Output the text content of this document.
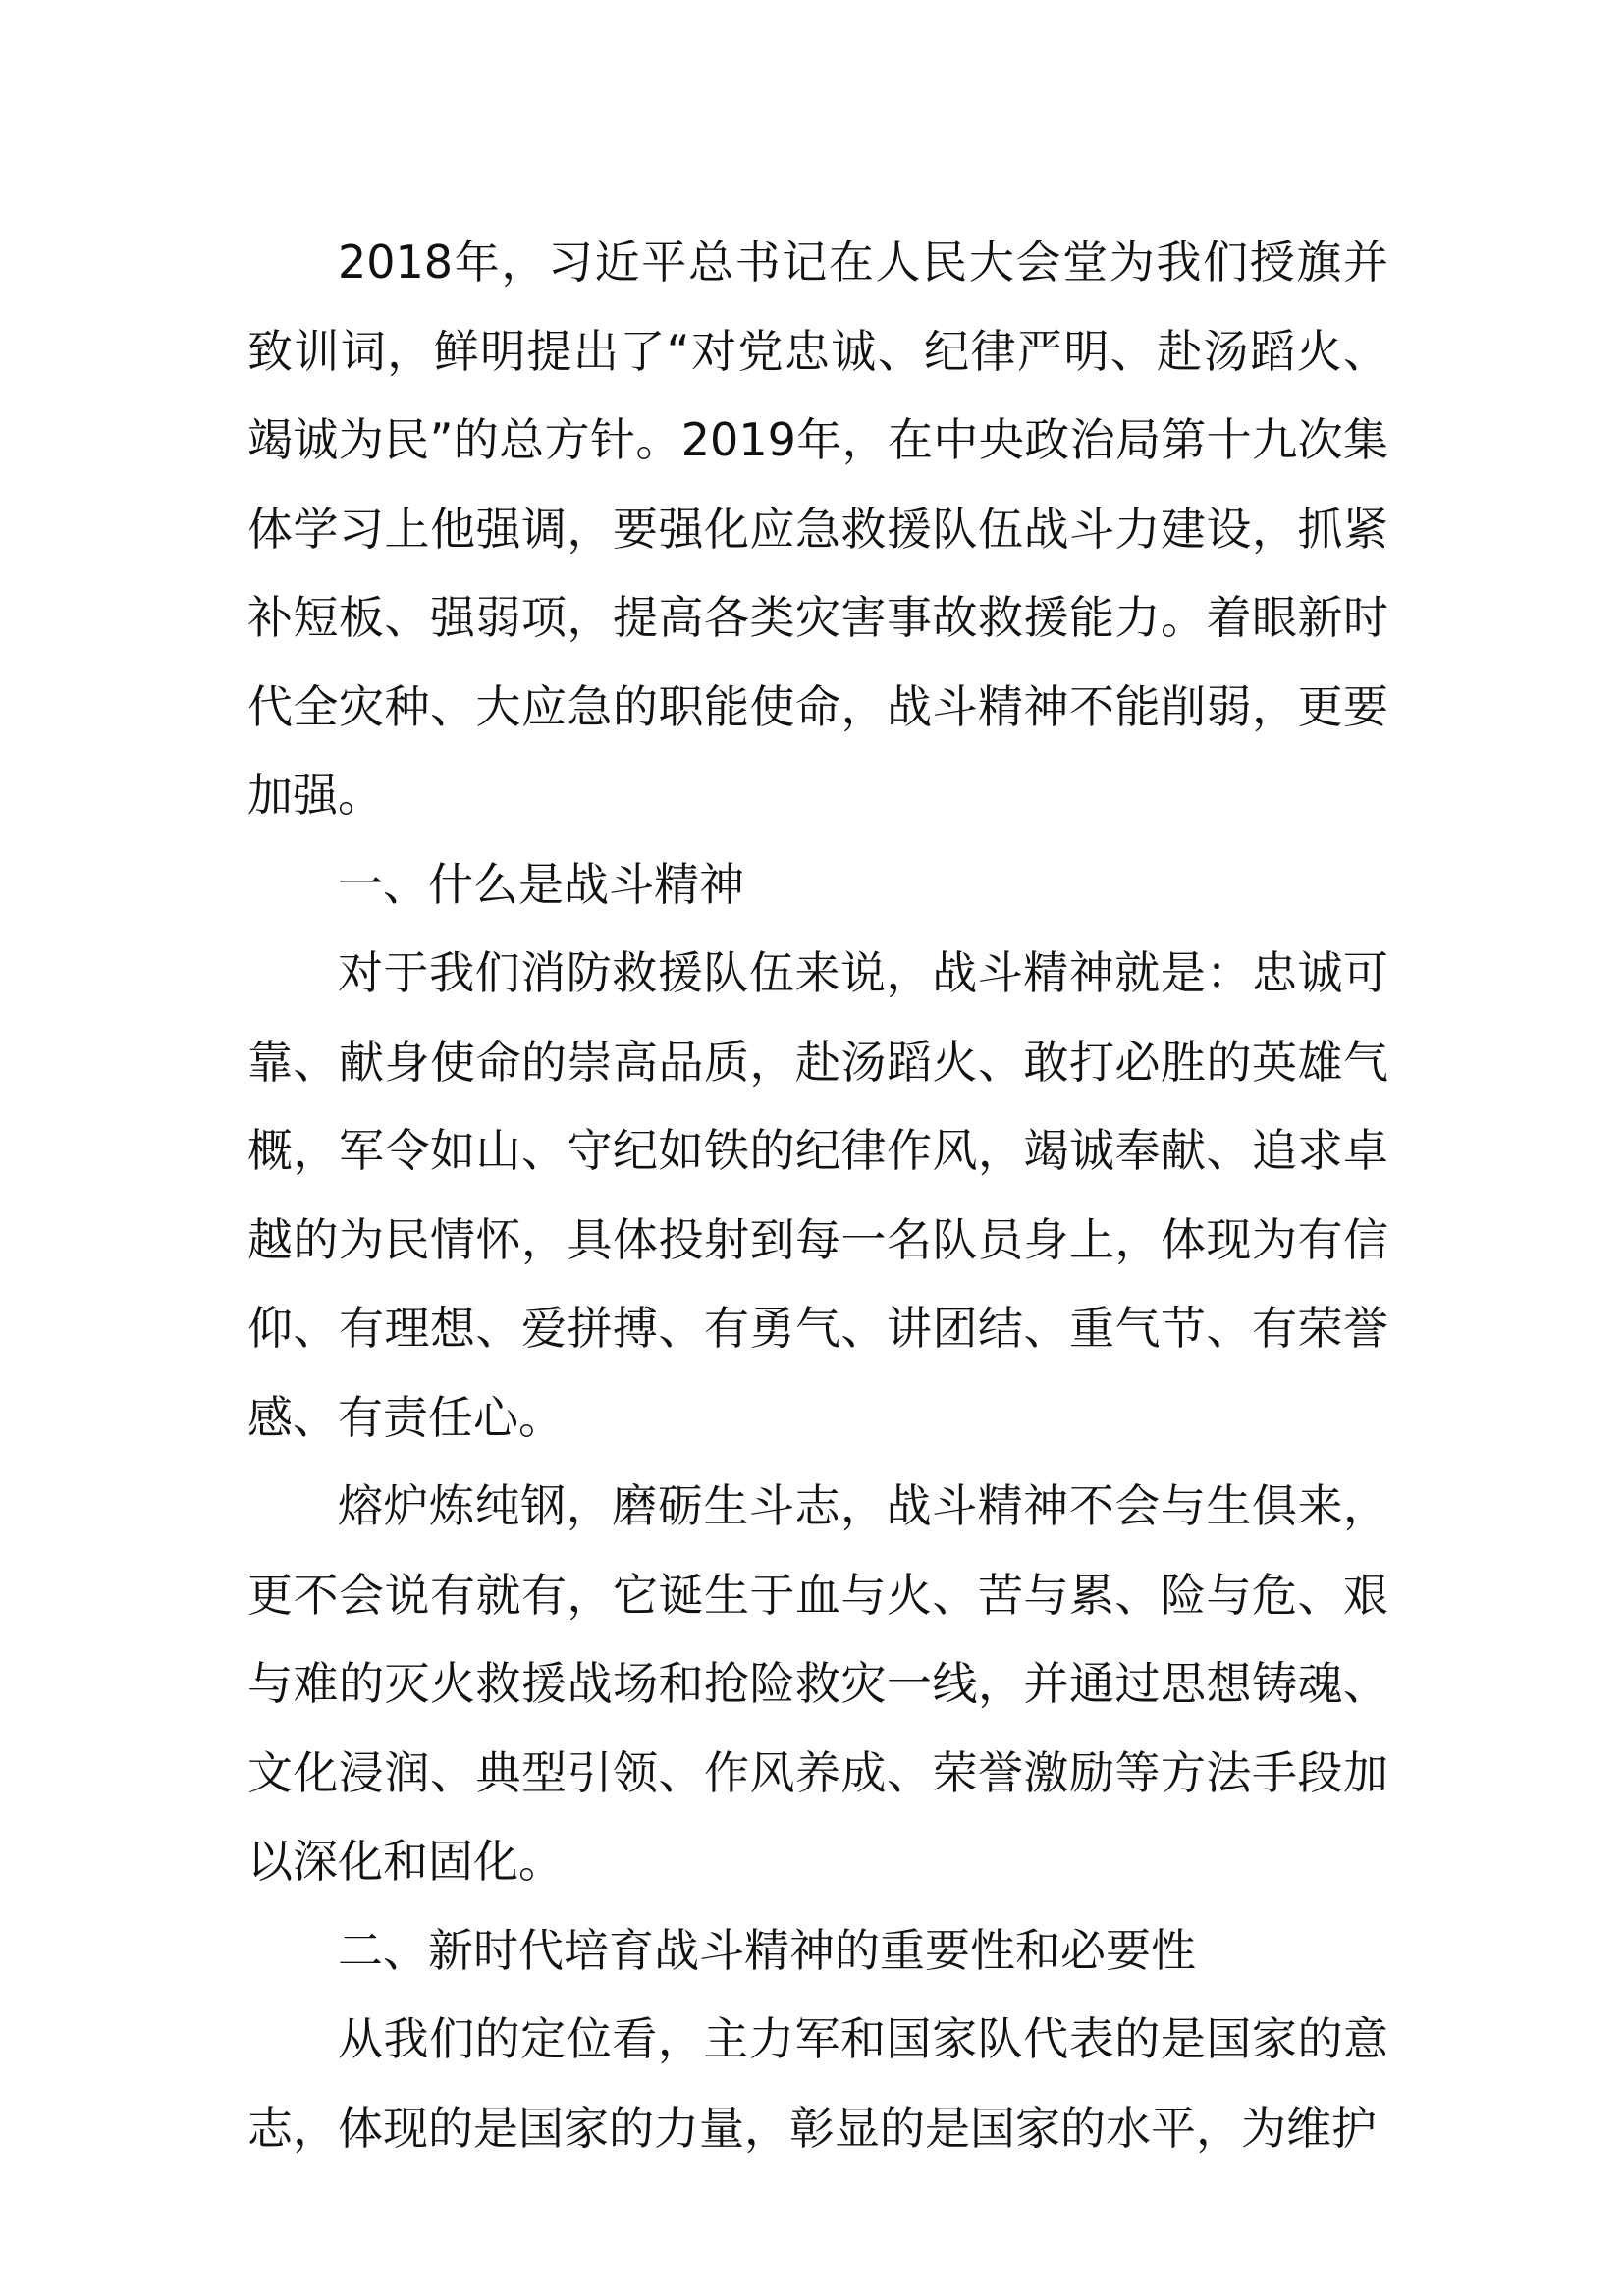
2018年，习近平总书记在人民大会堂为我们授旗并致训词，鲜明提出了“对党忠诚、纪律严明、赴汤蹈火、竭诚为民”的总方针。2019年，在中央政治局第十九次集体学习上他强调，要强化应急救援队伍战斗力建设，抓紧补短板、强弱项，提高各类灾害事故救援能力。着眼新时代全灾种、大应急的职能使命，战斗精神不能削弱，更要加强。

一、什么是战斗精神

对于我们消防救援队伍来说，战斗精神就是：忠诚可靠、献身使命的崇高品质，赴汤蹈火、敢打必胜的英雄气概，军令如山、守纪如铁的纪律作风，竭诚奉献、追求卓越的为民情怀，具体投射到每一名队员身上，体现为有信仰、有理想、爱拼搏、有勇气、讲团结、重气节、有荣誉感、有责任心。

熔炉炼纯钢，磨砺生斗志，战斗精神不会与生俱来，更不会说有就有，它诞生于血与火、苦与累、险与危、艰与难的灭火救援战场和抢险救灾一线，并通过思想铸魂、文化浸润、典型引领、作风养成、荣誉激励等方法手段加以深化和固化。

二、新时代培育战斗精神的重要性和必要性

从我们的定位看，主力军和国家队代表的是国家的意志，体现的是国家的力量，彰显的是国家的水平，为维护
